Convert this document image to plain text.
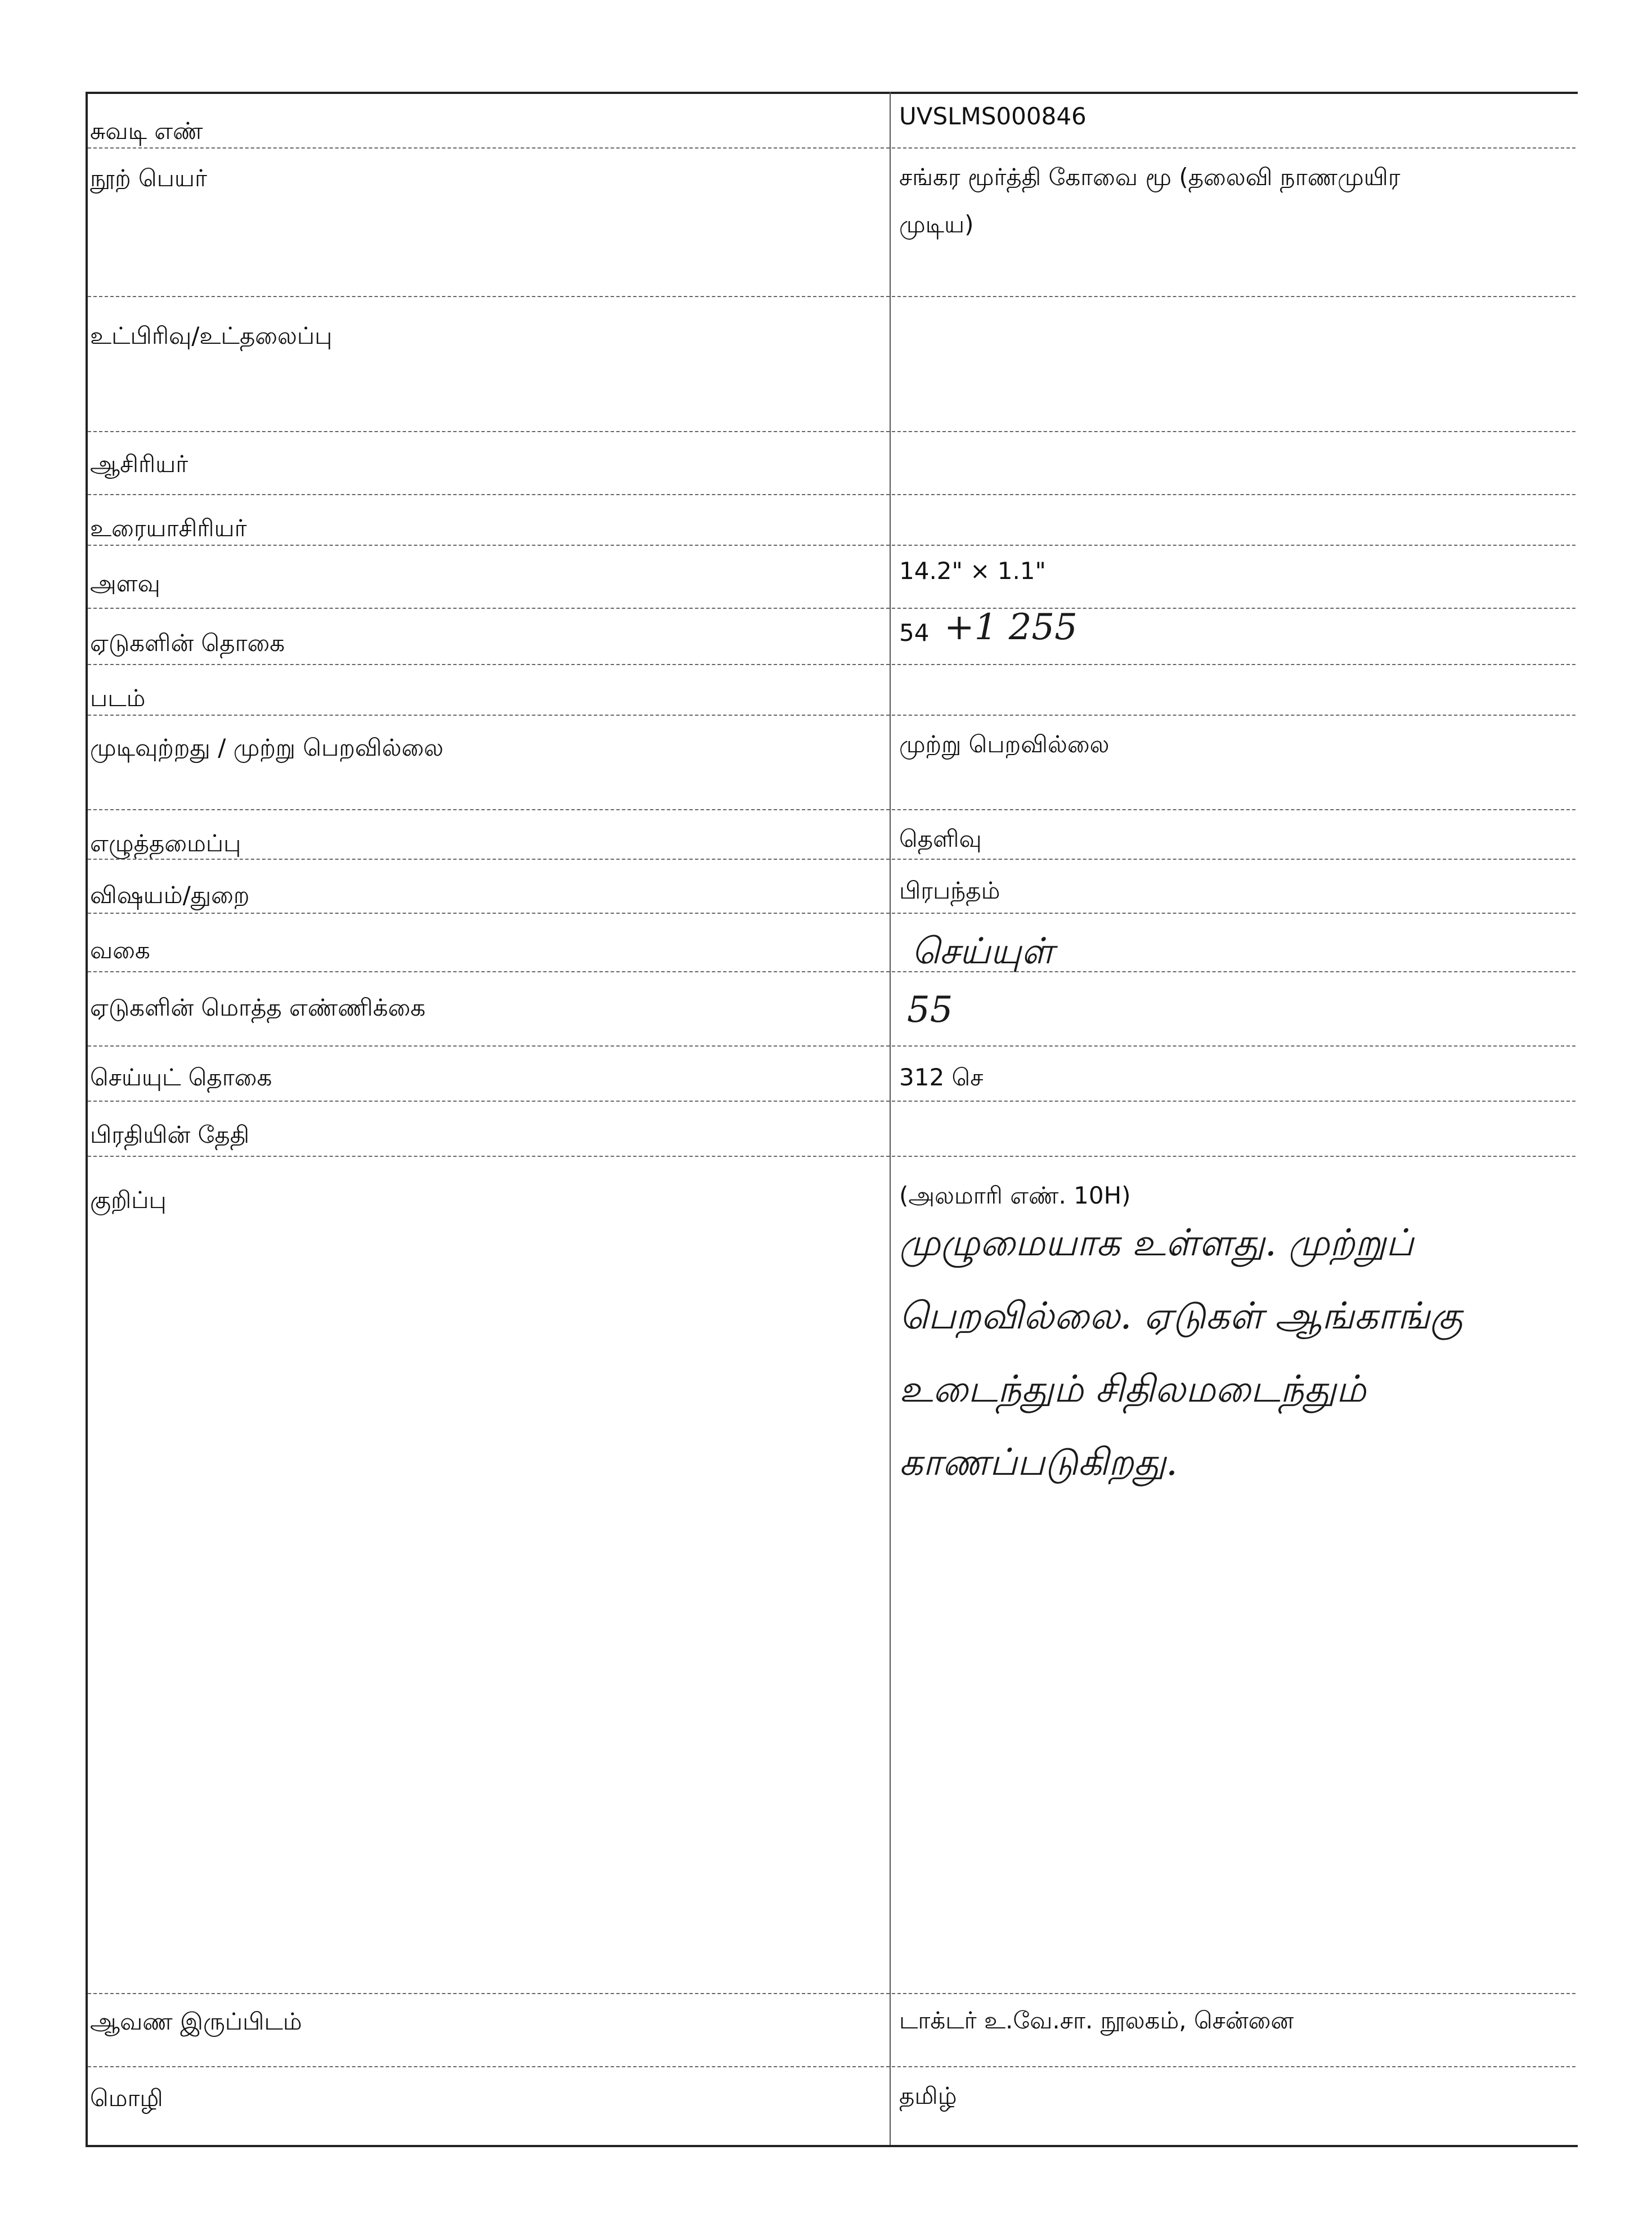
சுவடி எண்
நூற் பெயர்
உட்பிரிவு/உட்தலைப்பு
ஆசிரியர்
உரையாசிரியர்
அளவு
ஏடுகளின் தொகை
படம்
முடிவுற்றது / முற்று பெறவில்லை
எழுத்தமைப்பு
விஷயம்/துறை
வகை
ஏடுகளின் மொத்த எண்ணிக்கை
செய்யுட் தொகை
பிரதியின் தேதி
குறிப்பு
ஆவண இருப்பிடம்
மொழி
UVSLMS000846
சங்கர மூர்த்தி கோவை மூ (தலைவி நாணமுயிர
முடிய)
14.2" × 1.1"
54 +1 255
முற்று பெறவில்லை
தெளிவு
பிரபந்தம்
செய்யுள்
55
312 செ
(அலமாரி எண். 10H)
முழுமையாக உள்ளது. முற்றுப்
பெறவில்லை. ஏடுகள் ஆங்காங்கு
உடைந்தும் சிதிலமடைந்தும்
காணப்படுகிறது.
டாக்டர் உ.வே.சா. நூலகம், சென்னை
தமிழ்
